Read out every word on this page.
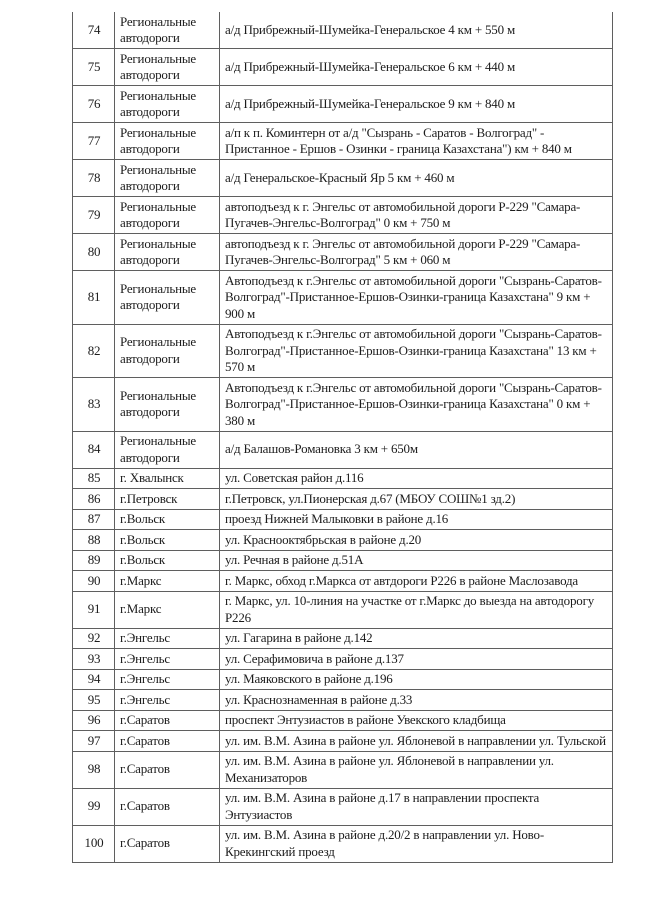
74	Региональные автодороги	а/д Прибрежный-Шумейка-Генеральское 4 км + 550 м
75	Региональные автодороги	а/д Прибрежный-Шумейка-Генеральское 6 км + 440 м
76	Региональные автодороги	а/д Прибрежный-Шумейка-Генеральское 9 км + 840 м
77	Региональные автодороги	а/п к п. Коминтерн от а/д "Сызрань - Саратов - Волгоград" - Пристанное - Ершов - Озинки - граница Казахстана") км + 840 м
78	Региональные автодороги	а/д Генеральское-Красный Яр 5 км + 460 м
79	Региональные автодороги	автоподъезд к г. Энгельс от автомобильной дороги Р-229 "Самара-Пугачев-Энгельс-Волгоград" 0 км + 750 м
80	Региональные автодороги	автоподъезд к г. Энгельс от автомобильной дороги Р-229 "Самара-Пугачев-Энгельс-Волгоград" 5 км + 060 м
81	Региональные автодороги	Автоподъезд к г.Энгельс от автомобильной дороги "Сызрань-Саратов-Волгоград"-Пристанное-Ершов-Озинки-граница Казахстана" 9 км + 900 м
82	Региональные автодороги	Автоподъезд к г.Энгельс от автомобильной дороги "Сызрань-Саратов-Волгоград"-Пристанное-Ершов-Озинки-граница Казахстана" 13 км + 570 м
83	Региональные автодороги	Автоподъезд к г.Энгельс от автомобильной дороги "Сызрань-Саратов-Волгоград"-Пристанное-Ершов-Озинки-граница Казахстана" 0 км + 380 м
84	Региональные автодороги	а/д Балашов-Романовка 3 км + 650м
85	г. Хвалынск	ул. Советская район д.116
86	г.Петровск	г.Петровск, ул.Пионерская д.67 (МБОУ СОШ№1 зд.2)
87	г.Вольск	проезд Нижней Малыковки в районе д.16
88	г.Вольск	ул. Краснооктябрьская в районе д.20
89	г.Вольск	ул. Речная в районе д.51А
90	г.Маркс	г. Маркс, обход г.Маркса от автдороги Р226 в районе Маслозавода
91	г.Маркс	г. Маркс, ул. 10-линия на участке от г.Маркс до выезда на автодорогу Р226
92	г.Энгельс	ул. Гагарина в районе д.142
93	г.Энгельс	ул. Серафимовича в районе д.137
94	г.Энгельс	ул. Маяковского в районе д.196
95	г.Энгельс	ул. Краснознаменная в районе д.33
96	г.Саратов	проспект Энтузиастов в районе Увекского кладбища
97	г.Саратов	ул. им. В.М. Азина в районе ул. Яблоневой в направлении ул. Тульской
98	г.Саратов	ул. им. В.М. Азина в районе ул. Яблоневой в направлении ул. Механизаторов
99	г.Саратов	ул. им. В.М. Азина в районе д.17 в направлении проспекта Энтузиастов
100	г.Саратов	ул. им. В.М. Азина в районе д.20/2 в направлении ул. Ново-Крекингский проезд
